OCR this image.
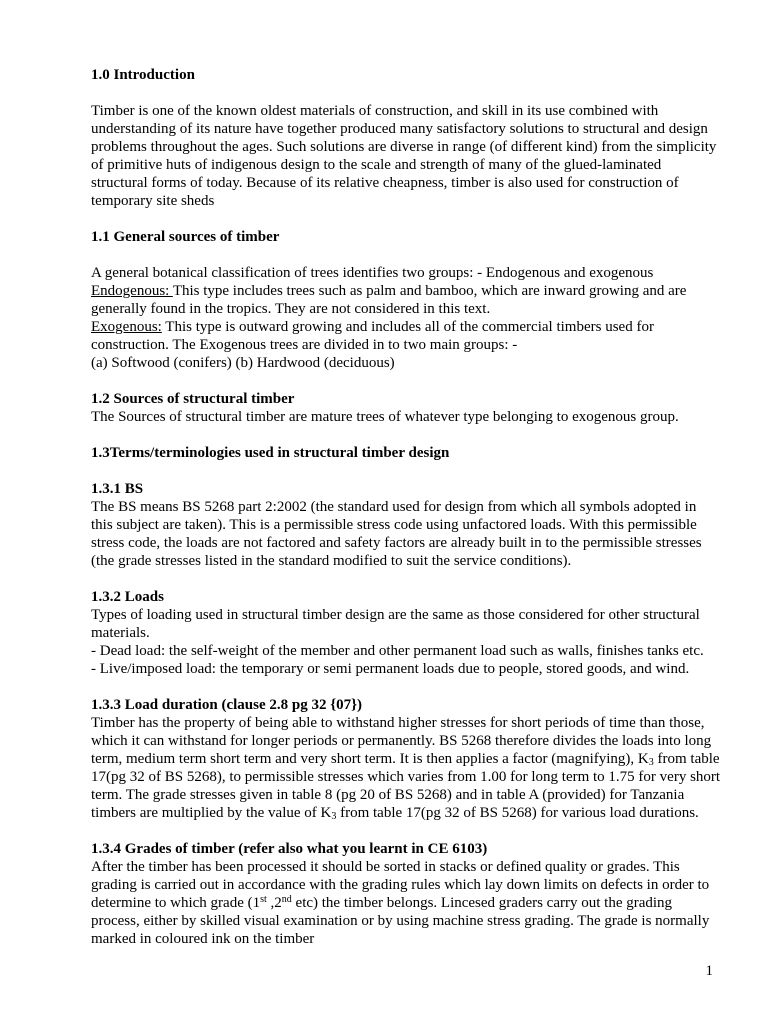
1.0 Introduction

Timber is one of the known oldest materials of construction, and skill in its use combined with understanding of its nature have together produced many satisfactory solutions to structural and design problems throughout the ages. Such solutions are diverse in range (of different kind) from the simplicity of primitive huts of indigenous design to the scale and strength of many of the glued-laminated structural forms of today. Because of its relative cheapness, timber is also used for construction of temporary site sheds

1.1 General sources of timber

A general botanical classification of trees identifies two groups: - Endogenous and exogenous

Endogenous: This type includes trees such as palm and bamboo, which are inward growing and are generally found in the tropics. They are not considered in this text.

Exogenous: This type is outward growing and includes all of the commercial timbers used for construction. The Exogenous trees are divided in to two main groups: -

(a) Softwood (conifers) (b) Hardwood (deciduous)

1.2 Sources of structural timber

The Sources of structural timber are mature trees of whatever type belonging to exogenous group.

1.3Terms/terminologies used in structural timber design
1.3.1 BS

The BS means BS 5268 part 2:2002 (the standard used for design from which all symbols adopted in this subject are taken). This is a permissible stress code using unfactored loads. With this permissible stress code, the loads are not factored and safety factors are already built in to the permissible stresses (the grade stresses listed in the standard modified to suit the service conditions).

1.3.2 Loads

Types of loading used in structural timber design are the same as those considered for other structural materials.

- Dead load: the self-weight of the member and other permanent load such as walls, finishes tanks etc.

- Live/imposed load: the temporary or semi permanent loads due to people, stored goods, and wind.

1.3.3 Load duration (clause 2.8 pg 32 {07})

Timber has the property of being able to withstand higher stresses for short periods of time than those, which it can withstand for longer periods or permanently. BS 5268 therefore divides the loads into long term, medium term short term and very short term. It is then applies a factor (magnifying), $K_3$ from table 17(pg 32 of BS 5268), to permissible stresses which varies from 1.00 for long term to 1.75 for very short term. The grade stresses given in table 8 (pg 20 of BS 5268) and in table A (provided) for Tanzania timbers are multiplied by the value of $K_3$ from table 17(pg 32 of BS 5268) for various load durations.

1.3.4 Grades of timber (refer also what you learnt in CE 6103)

After the timber has been processed it should be sorted in stacks or defined quality or grades. This grading is carried out in accordance with the grading rules which lay down limits on defects in order to determine to which grade (1st ,2nd etc) the timber belongs. Lincesed graders carry out the grading process, either by skilled visual examination or by using machine stress grading. The grade is normally marked in coloured ink on the timber

1
